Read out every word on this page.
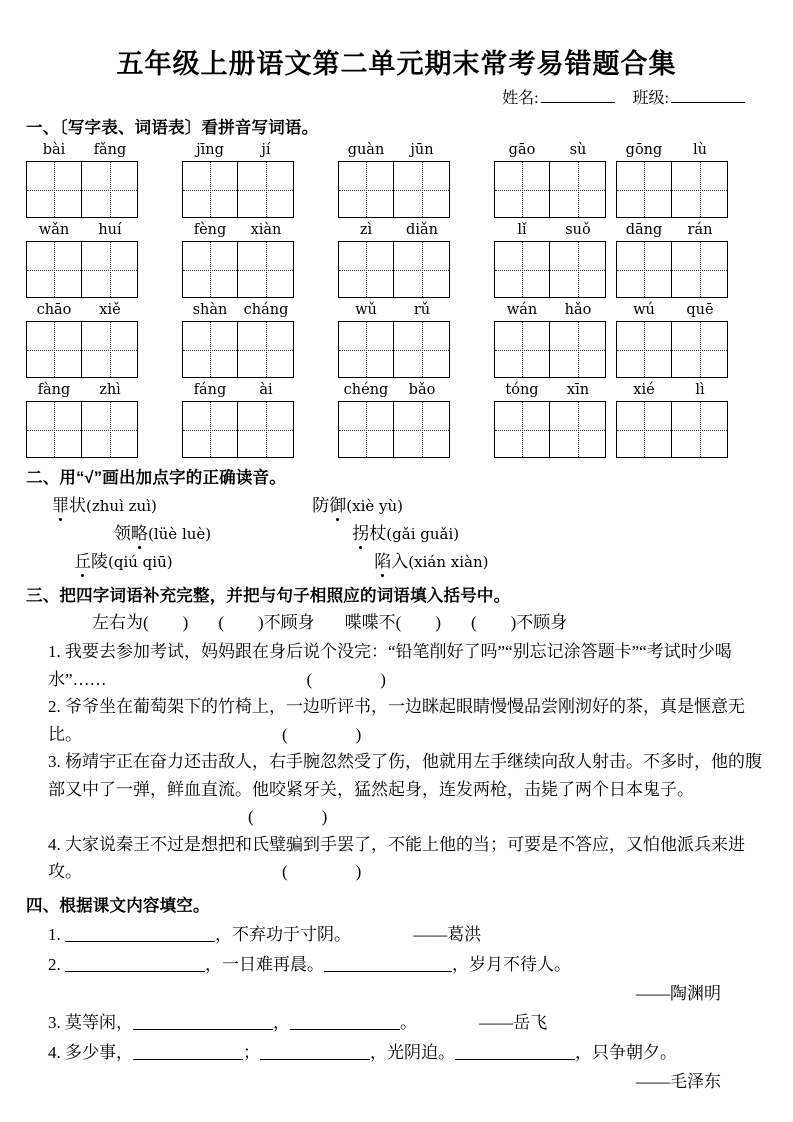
五年级上册语文第二单元期末常考易错题合集
姓名:	班级:
一、〔写字表、词语表〕看拼音写词语。
bài	fǎng	jīng	jí	guàn	jūn	gāo	sù	gōng	lù
wǎn	huí	fèng	xiàn	zì	diǎn	lǐ	suǒ	dāng	rán
chāo	xiě	shàn	cháng	wǔ	rǔ	wán	hǎo	wú	quē
fàng	zhì	fáng	ài	chéng	bǎo	tóng	xīn	xié	lì
二、用“√”画出加点字的正确读音。
罪状(zhuì zuì)	防御(xiè yù)
领略(lüè luè)	拐杖(gǎi guǎi)
丘陵(qiú qiū)	陷入(xián xiàn)
三、把四字词语补充完整，并把与句子相照应的词语填入括号中。
左右为(　　) (　　)不顾身 喋喋不(　　) (　　)不顾身
1. 我要去参加考试，妈妈跟在身后说个没完：“铅笔削好了吗”“别忘记涂答题卡”“考试时少喝水”……	(　　　　)
2. 爷爷坐在葡萄架下的竹椅上，一边听评书，一边眯起眼睛慢慢品尝刚沏好的茶，真是惬意无比。	(　　　　)
3. 杨靖宇正在奋力还击敌人，右手腕忽然受了伤，他就用左手继续向敌人射击。不多时，他的腹部又中了一弹，鲜血直流。他咬紧牙关，猛然起身，连发两枪，击毙了两个日本鬼子。(　　　　)
4. 大家说秦王不过是想把和氏璧骗到手罢了，不能上他的当；可要是不答应，又怕他派兵来进攻。	(　　　　)
四、根据课文内容填空。
1.	，不弃功于寸阴。	——葛洪
2.	，一日难再晨。	，岁月不待人。
——陶渊明
3. 莫等闲，	，	。	——岳飞
4. 多少事，	；	，光阴迫。	，只争朝夕。
——毛泽东
